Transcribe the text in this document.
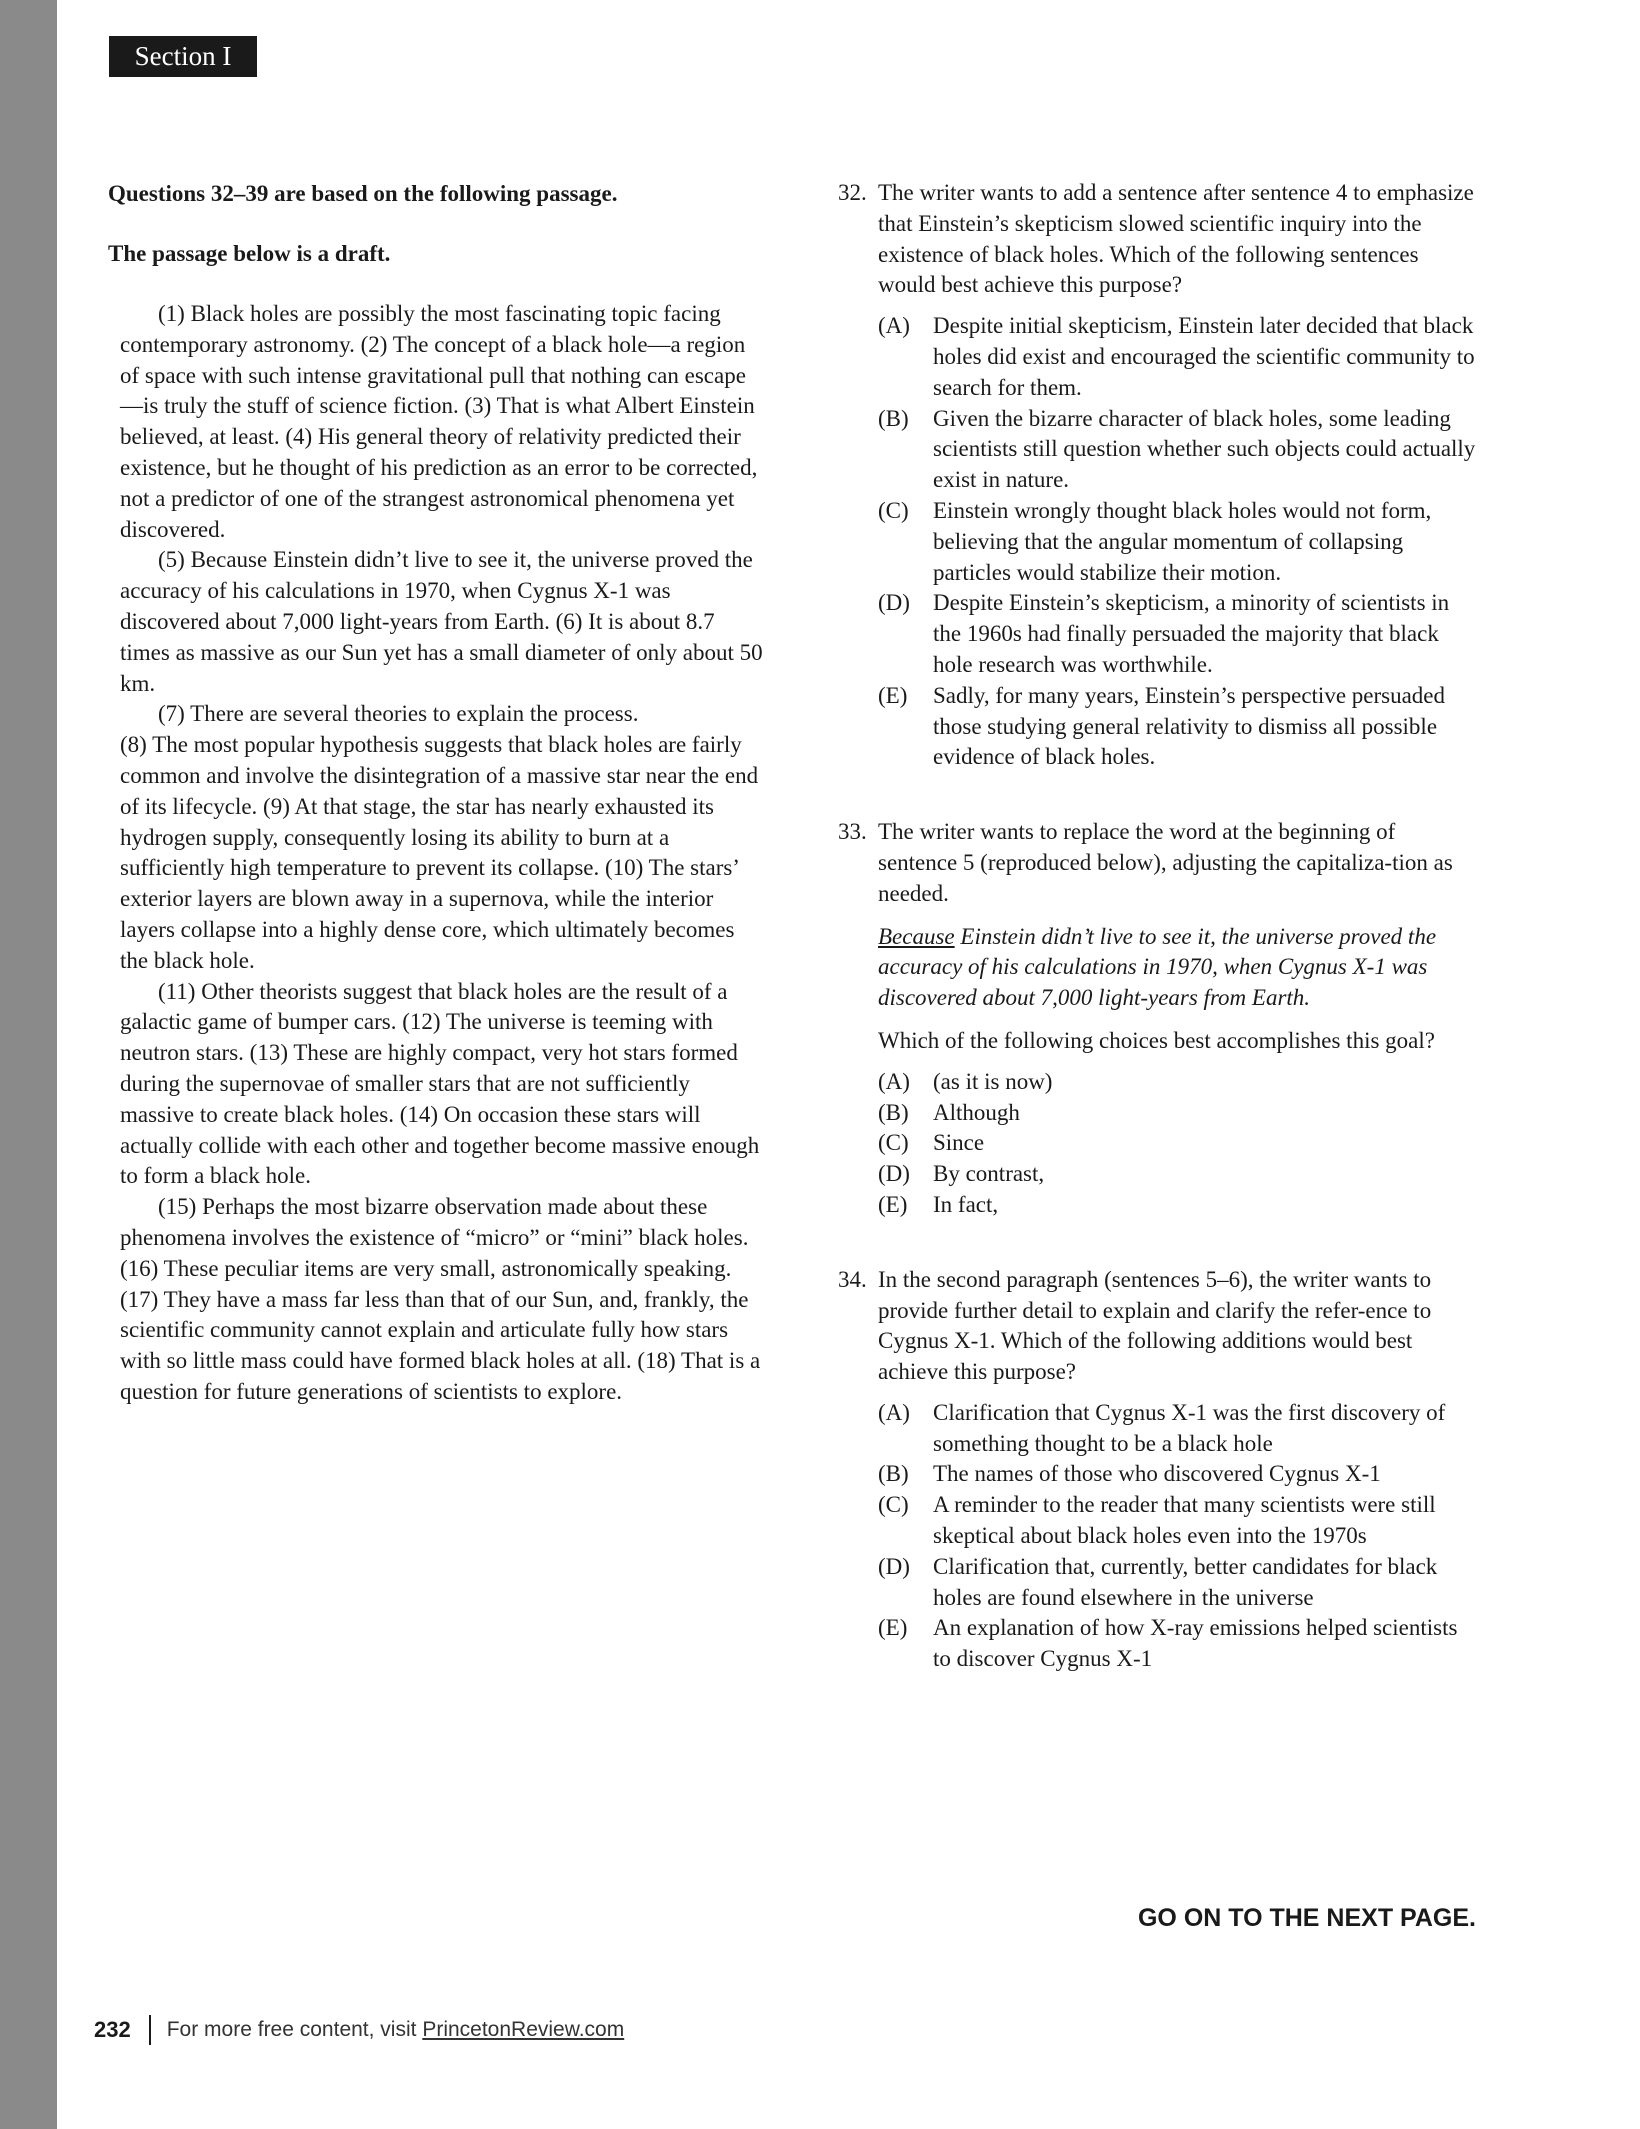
Section I

Questions 32–39 are based on the following passage.

The passage below is a draft.

(1) Black holes are possibly the most fascinating topic facing contemporary astronomy. (2) The concept of a black hole—a region of space with such intense gravitational pull that nothing can escape—is truly the stuff of science fiction. (3) That is what Albert Einstein believed, at least. (4) His general theory of relativity predicted their existence, but he thought of his prediction as an error to be corrected, not a predictor of one of the strangest astronomical phenomena yet discovered.

(5) Because Einstein didn’t live to see it, the universe proved the accuracy of his calculations in 1970, when Cygnus X-1 was discovered about 7,000 light-years from Earth. (6) It is about 8.7 times as massive as our Sun yet has a small diameter of only about 50 km.

(7) There are several theories to explain the process.

(8) The most popular hypothesis suggests that black holes are fairly common and involve the disintegration of a massive star near the end of its lifecycle. (9) At that stage, the star has nearly exhausted its hydrogen supply, consequently losing its ability to burn at a sufficiently high temperature to prevent its collapse. (10) The stars’ exterior layers are blown away in a supernova, while the interior layers collapse into a highly dense core, which ultimately becomes the black hole.

(11) Other theorists suggest that black holes are the result of a galactic game of bumper cars. (12) The universe is teeming with neutron stars. (13) These are highly compact, very hot stars formed during the supernovae of smaller stars that are not sufficiently massive to create black holes. (14) On occasion these stars will actually collide with each other and together become massive enough to form a black hole.

(15) Perhaps the most bizarre observation made about these phenomena involves the existence of “micro” or “mini” black holes. (16) These peculiar items are very small, astronomically speaking. (17) They have a mass far less than that of our Sun, and, frankly, the scientific community cannot explain and articulate fully how stars with so little mass could have formed black holes at all. (18) That is a question for future generations of scientists to explore.

32. The writer wants to add a sentence after sentence 4 to emphasize that Einstein’s skepticism slowed scientific inquiry into the existence of black holes. Which of the following sentences would best achieve this purpose?
(A)	Despite initial skepticism, Einstein later decided that black holes did exist and encouraged the scientific community to search for them.
(B)	Given the bizarre character of black holes, some leading scientists still question whether such objects could actually exist in nature.
(C)	Einstein wrongly thought black holes would not form, believing that the angular momentum of collapsing particles would stabilize their motion.
(D)	Despite Einstein’s skepticism, a minority of scientists in the 1960s had finally persuaded the majority that black hole research was worthwhile.
(E)	Sadly, for many years, Einstein’s perspective persuaded those studying general relativity to dismiss all possible evidence of black holes.
33. The writer wants to replace the word at the beginning of sentence 5 (reproduced below), adjusting the capitaliza-tion as needed.
Because Einstein didn’t live to see it, the universe proved the accuracy of his calculations in 1970, when Cygnus X-1 was discovered about 7,000 light-years from Earth.
Which of the following choices best accomplishes this goal?
(A)	(as it is now)
(B)	Although
(C)	Since
(D)	By contrast,
(E)	In fact,
34. In the second paragraph (sentences 5–6), the writer wants to provide further detail to explain and clarify the refer-ence to Cygnus X-1. Which of the following additions would best achieve this purpose?
(A)	Clarification that Cygnus X-1 was the first discovery of something thought to be a black hole
(B)	The names of those who discovered Cygnus X-1
(C)	A reminder to the reader that many scientists were still skeptical about black holes even into the 1970s
(D)	Clarification that, currently, better candidates for black holes are found elsewhere in the universe
(E)	An explanation of how X-ray emissions helped scientists to discover Cygnus X-1
GO ON TO THE NEXT PAGE.
232 For more free content, visit PrincetonReview.com
